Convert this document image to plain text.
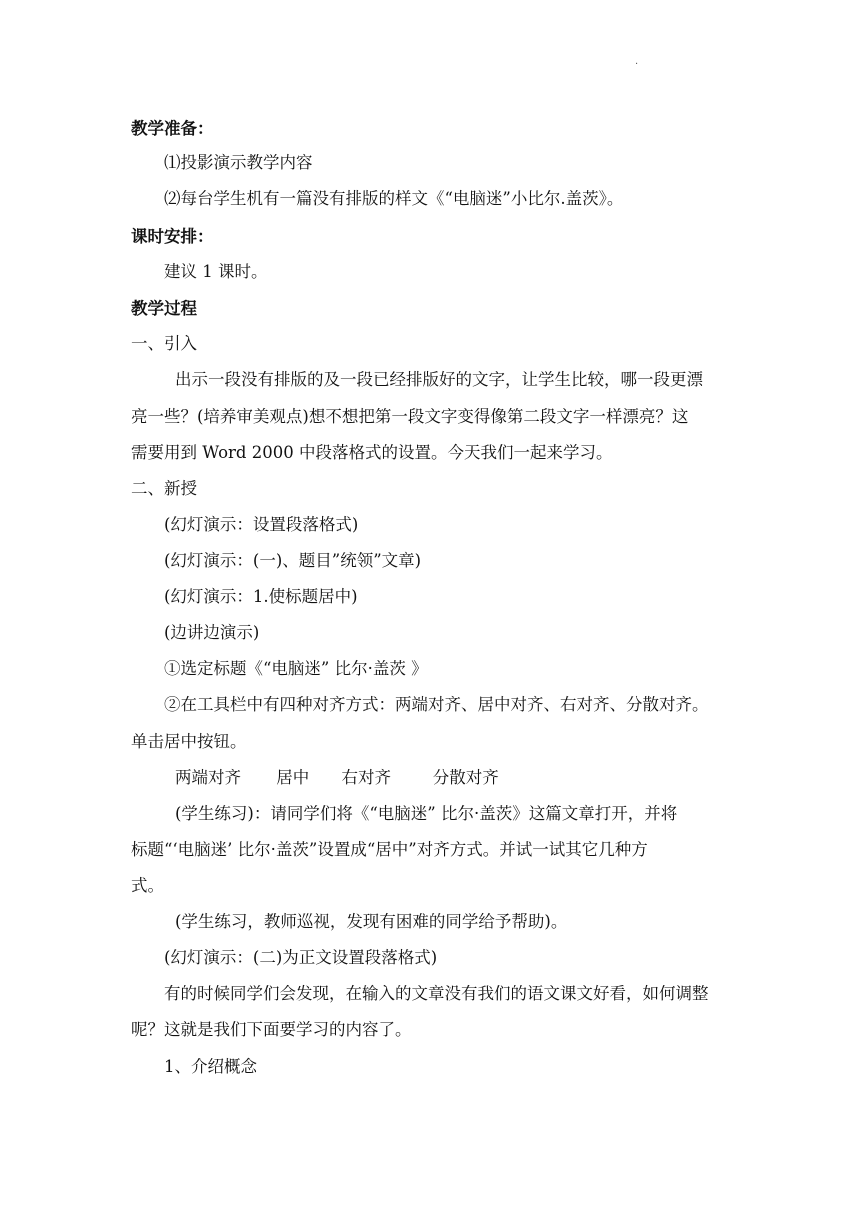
.
教学准备：
⑴投影演示教学内容
⑵每台学生机有一篇没有排版的样文《“电脑迷”小比尔.盖茨》。
课时安排：
建议 1 课时。
教学过程
一、引入
出示一段没有排版的及一段已经排版好的文字，让学生比较，哪一段更漂
亮一些？(培养审美观点)想不想把第一段文字变得像第二段文字一样漂亮？这
需要用到 Word 2000 中段落格式的设置。今天我们一起来学习。
二、新授
(幻灯演示：设置段落格式)
(幻灯演示：(一)、题目”统领”文章)
(幻灯演示：1.使标题居中)
(边讲边演示)
①选定标题《“电脑迷” 比尔·盖茨 》
②在工具栏中有四种对齐方式：两端对齐、居中对齐、右对齐、分散对齐。
单击居中按钮。
两端对齐 居中 右对齐	分散对齐
(学生练习)：请同学们将《“电脑迷” 比尔·盖茨》这篇文章打开，并将
标题“‘电脑迷’ 比尔·盖茨”设置成“居中”对齐方式。并试一试其它几种方
式。
(学生练习，教师巡视，发现有困难的同学给予帮助)。
(幻灯演示：(二)为正文设置段落格式)
有的时候同学们会发现，在输入的文章没有我们的语文课文好看，如何调整
呢？这就是我们下面要学习的内容了。
1、介绍概念
